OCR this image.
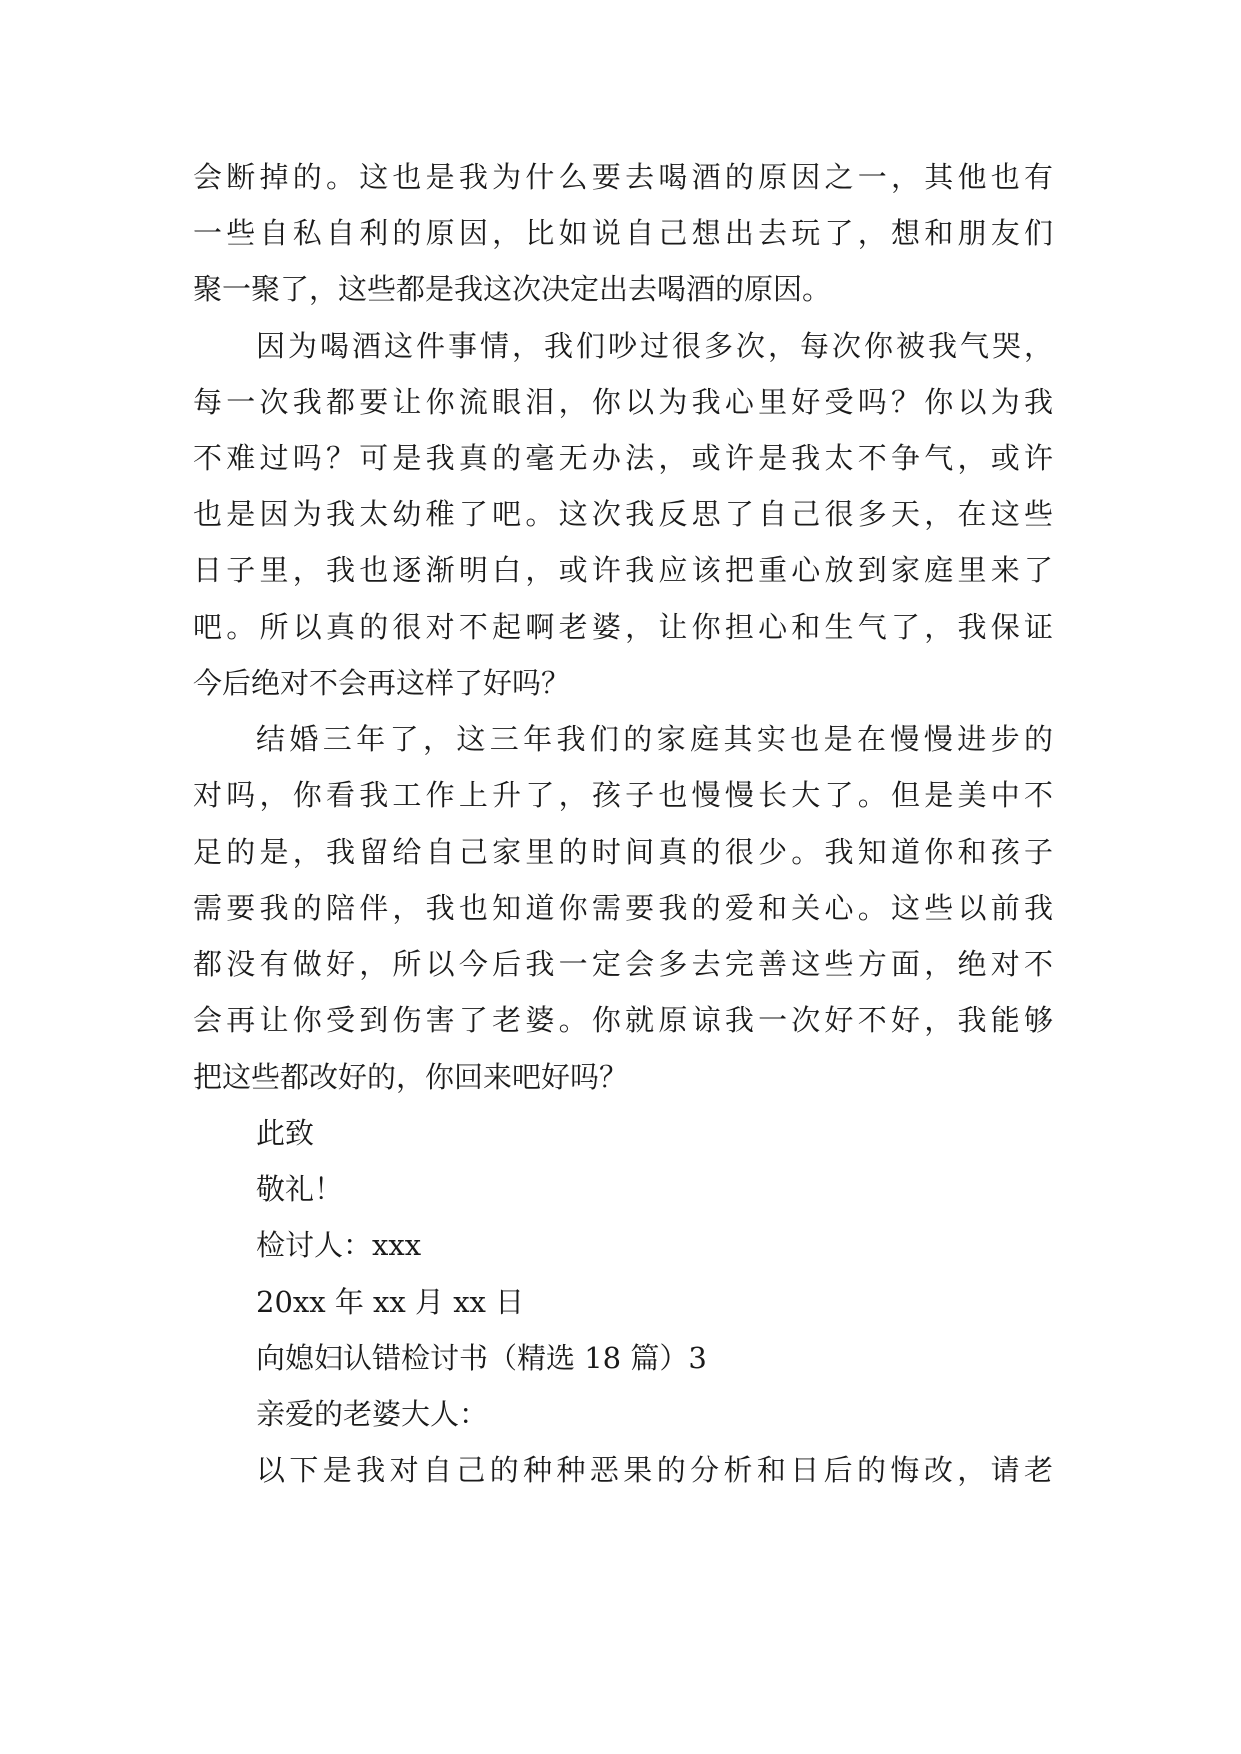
会断掉的。这也是我为什么要去喝酒的原因之一，其他也有
一些自私自利的原因，比如说自己想出去玩了，想和朋友们
聚一聚了，这些都是我这次决定出去喝酒的原因。
因为喝酒这件事情，我们吵过很多次，每次你被我气哭，
每一次我都要让你流眼泪，你以为我心里好受吗？你以为我
不难过吗？可是我真的毫无办法，或许是我太不争气，或许
也是因为我太幼稚了吧。这次我反思了自己很多天，在这些
日子里，我也逐渐明白，或许我应该把重心放到家庭里来了
吧。所以真的很对不起啊老婆，让你担心和生气了，我保证
今后绝对不会再这样了好吗？
结婚三年了，这三年我们的家庭其实也是在慢慢进步的
对吗，你看我工作上升了，孩子也慢慢长大了。但是美中不
足的是，我留给自己家里的时间真的很少。我知道你和孩子
需要我的陪伴，我也知道你需要我的爱和关心。这些以前我
都没有做好，所以今后我一定会多去完善这些方面，绝对不
会再让你受到伤害了老婆。你就原谅我一次好不好，我能够
把这些都改好的，你回来吧好吗？
此致
敬礼！
检讨人：xxx
20xx 年 xx 月 xx 日
向媳妇认错检讨书（精选 18 篇）3
亲爱的老婆大人：
以下是我对自己的种种恶果的分析和日后的悔改，请老
